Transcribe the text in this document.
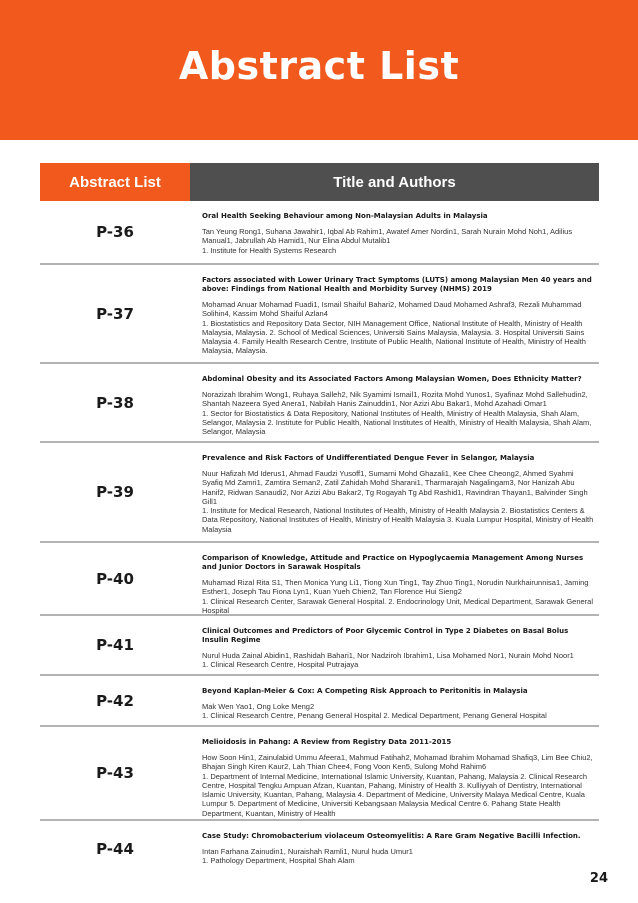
Abstract List
Abstract List	Title and Authors
P-36
Oral Health Seeking Behaviour among Non-Malaysian Adults in Malaysia
Tan Yeung Rong1, Suhana Jawahir1, Iqbal Ab Rahim1, Awatef Amer Nordin1, Sarah Nurain Mohd Noh1, Adilius Manual1, Jabrullah Ab Hamid1, Nur Elina Abdul Mutalib1
1. Institute for Health Systems Research
P-37
Factors associated with Lower Urinary Tract Symptoms (LUTS) among Malaysian Men 40 years and above: Findings from National Health and Morbidity Survey (NHMS) 2019
Mohamad Anuar Mohamad Fuadi1, Ismail Shaiful Bahari2, Mohamed Daud Mohamed Ashraf3, Rezali Muhammad Solihin4, Kassim Mohd Shaiful Azlan4
1. Biostatistics and Repository Data Sector, NIH Management Office, National Institute of Health, Ministry of Health Malaysia, Malaysia. 2. School of Medical Sciences, Universiti Sains Malaysia, Malaysia. 3. Hospital Universiti Sains Malaysia 4. Family Health Research Centre, Institute of Public Health, National Institute of Health, Ministry of Health Malaysia, Malaysia.
P-38
Abdominal Obesity and its Associated Factors Among Malaysian Women, Does Ethnicity Matter?
Norazizah Ibrahim Wong1, Ruhaya Salleh2, Nik Syamimi Ismail1, Rozita Mohd Yunos1, Syafinaz Mohd Sallehudin2, Shantah Nazeera Syed Anera1, Nabilah Hanis Zainuddin1, Nor Azizi Abu Bakar1, Mohd Azahadi Omar1
1. Sector for Biostatistics & Data Repository, National Institutes of Health, Ministry of Health Malaysia, Shah Alam, Selangor, Malaysia 2. Institute for Public Health, National Institutes of Health, Ministry of Health Malaysia, Shah Alam, Selangor, Malaysia
P-39
Prevalence and Risk Factors of Undifferentiated Dengue Fever in Selangor, Malaysia
Nuur Hafizah Md Iderus1, Ahmad Faudzi Yusoff1, Sumarni Mohd Ghazali1, Kee Chee Cheong2, Ahmed Syahmi Syafiq Md Zamri1, Zamtira Seman2, Zatil Zahidah Mohd Sharani1, Tharmarajah Nagalingam3, Nor Hanizah Abu Hanif2, Ridwan Sanaudi2, Nor Azizi Abu Bakar2, Tg Rogayah Tg Abd Rashid1, Ravindran Thayan1, Balvinder Singh Gill1
1. Institute for Medical Research, National Institutes of Health, Ministry of Health Malaysia 2. Biostatistics Centers & Data Repository, National Institutes of Health, Ministry of Health Malaysia 3. Kuala Lumpur Hospital, Ministry of Health Malaysia
P-40
Comparison of Knowledge, Attitude and Practice on Hypoglycaemia Management Among Nurses and Junior Doctors in Sarawak Hospitals
Muhamad Rizal Rita S1, Then Monica Yung Li1, Tiong Xun Ting1, Tay Zhuo Ting1, Norudin Nurkhairunnisa1, Jaming Esther1, Joseph Tau Fiona Lyn1, Kuan Yueh Chien2, Tan Florence Hui Sieng2
1. Clinical Research Center, Sarawak General Hospital. 2. Endocrinology Unit, Medical Department, Sarawak General Hospital
P-41
Clinical Outcomes and Predictors of Poor Glycemic Control in Type 2 Diabetes on Basal Bolus Insulin Regime
Nurul Huda Zainal Abidin1, Rashidah Bahari1, Nor Nadziroh Ibrahim1, Lisa Mohamed Nor1, Nurain Mohd Noor1
1. Clinical Research Centre, Hospital Putrajaya
P-42
Beyond Kaplan-Meier & Cox: A Competing Risk Approach to Peritonitis in Malaysia
Mak Wen Yao1, Ong Loke Meng2
1. Clinical Research Centre, Penang General Hospital 2. Medical Department, Penang General Hospital
P-43
Melioidosis in Pahang: A Review from Registry Data 2011-2015
How Soon Hin1, Zainulabid Ummu Afeera1, Mahmud Fatihah2, Mohamad Ibrahim Mohamad Shafiq3, Lim Bee Chiu2, Bhajan Singh Kiren Kaur2, Lah Thian Chee4, Fong Voon Ken5, Sulong Mohd Rahim6
1. Department of Internal Medicine, International Islamic University, Kuantan, Pahang, Malaysia 2. Clinical Research Centre, Hospital Tengku Ampuan Afzan, Kuantan, Pahang, Ministry of Health 3. Kulliyyah of Dentistry, International Islamic University, Kuantan, Pahang, Malaysia 4. Department of Medicine, University Malaya Medical Centre, Kuala Lumpur 5. Department of Medicine, Universiti Kebangsaan Malaysia Medical Centre 6. Pahang State Health Department, Kuantan, Ministry of Health
P-44
Case Study: Chromobacterium violaceum Osteomyelitis: A Rare Gram Negative Bacilli Infection.
Intan Farhana Zainudin1, Nuraishah Ramli1, Nurul huda Umur1
1. Pathology Department, Hospital Shah Alam
24
